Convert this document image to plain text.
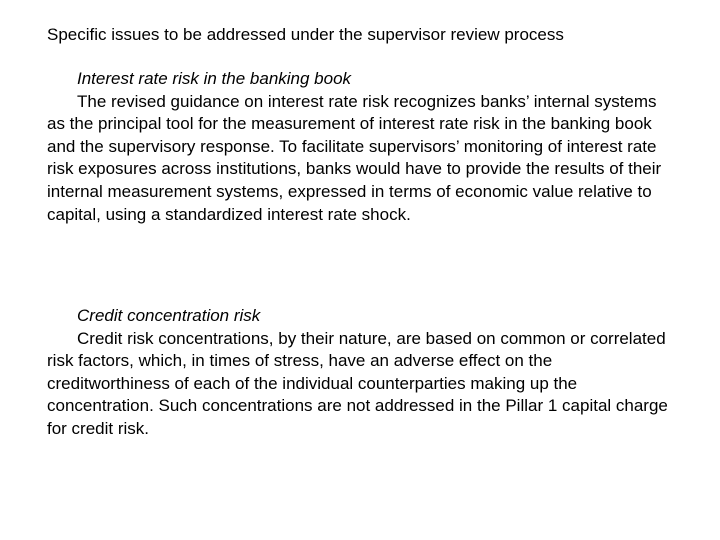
Specific issues to be addressed under the supervisor review process
Interest rate risk in the banking book

The revised guidance on interest rate risk recognizes banks’ internal systems as the principal tool for the measurement of interest rate risk in the banking book and the supervisory response. To facilitate supervisors’ monitoring of interest rate risk exposures across institutions, banks would have to provide the results of their internal measurement systems, expressed in terms of economic value relative to capital, using a standardized interest rate shock.

Credit concentration risk

Credit risk concentrations, by their nature, are based on common or correlated risk factors, which, in times of stress, have an adverse effect on the creditworthiness of each of the individual counterparties making up the concentration. Such concentrations are not addressed in the Pillar 1 capital charge for credit risk.
